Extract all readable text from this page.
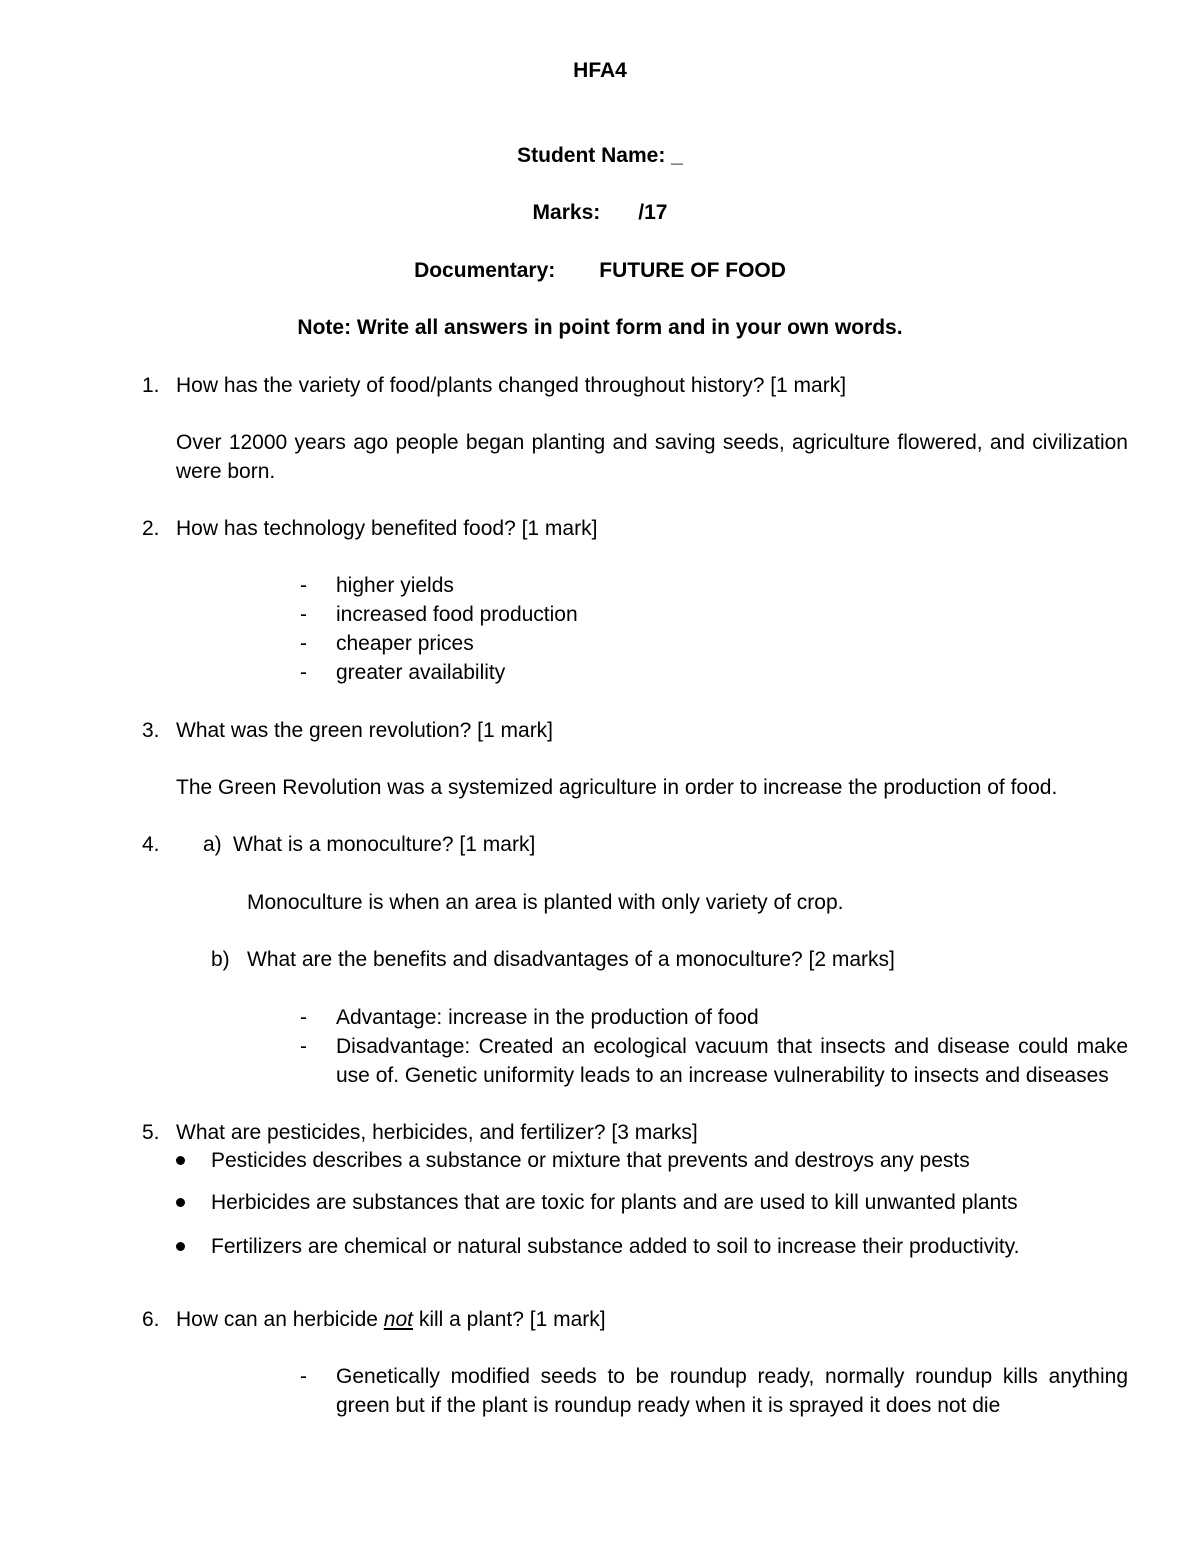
HFA4
Student Name: _
Marks: /17
Documentary: FUTURE OF FOOD
Note: Write all answers in point form and in your own words.
1. How has the variety of food/plants changed throughout history? [1 mark]
Over 12000 years ago people began planting and saving seeds, agriculture flowered, and civilization
were born.
2. How has technology benefited food? [1 mark]
- higher yields
- increased food production
- cheaper prices
- greater availability
3. What was the green revolution? [1 mark]
The Green Revolution was a systemized agriculture in order to increase the production of food.
4. a) What is a monoculture? [1 mark]
Monoculture is when an area is planted with only variety of crop.
b) What are the benefits and disadvantages of a monoculture? [2 marks]
- Advantage: increase in the production of food
- Disadvantage: Created an ecological vacuum that insects and disease could make
use of. Genetic uniformity leads to an increase vulnerability to insects and diseases
5. What are pesticides, herbicides, and fertilizer? [3 marks]
Pesticides describes a substance or mixture that prevents and destroys any pests
Herbicides are substances that are toxic for plants and are used to kill unwanted plants
Fertilizers are chemical or natural substance added to soil to increase their productivity.
6. How can an herbicide not kill a plant? [1 mark]
- Genetically modified seeds to be roundup ready, normally roundup kills anything
green but if the plant is roundup ready when it is sprayed it does not die
